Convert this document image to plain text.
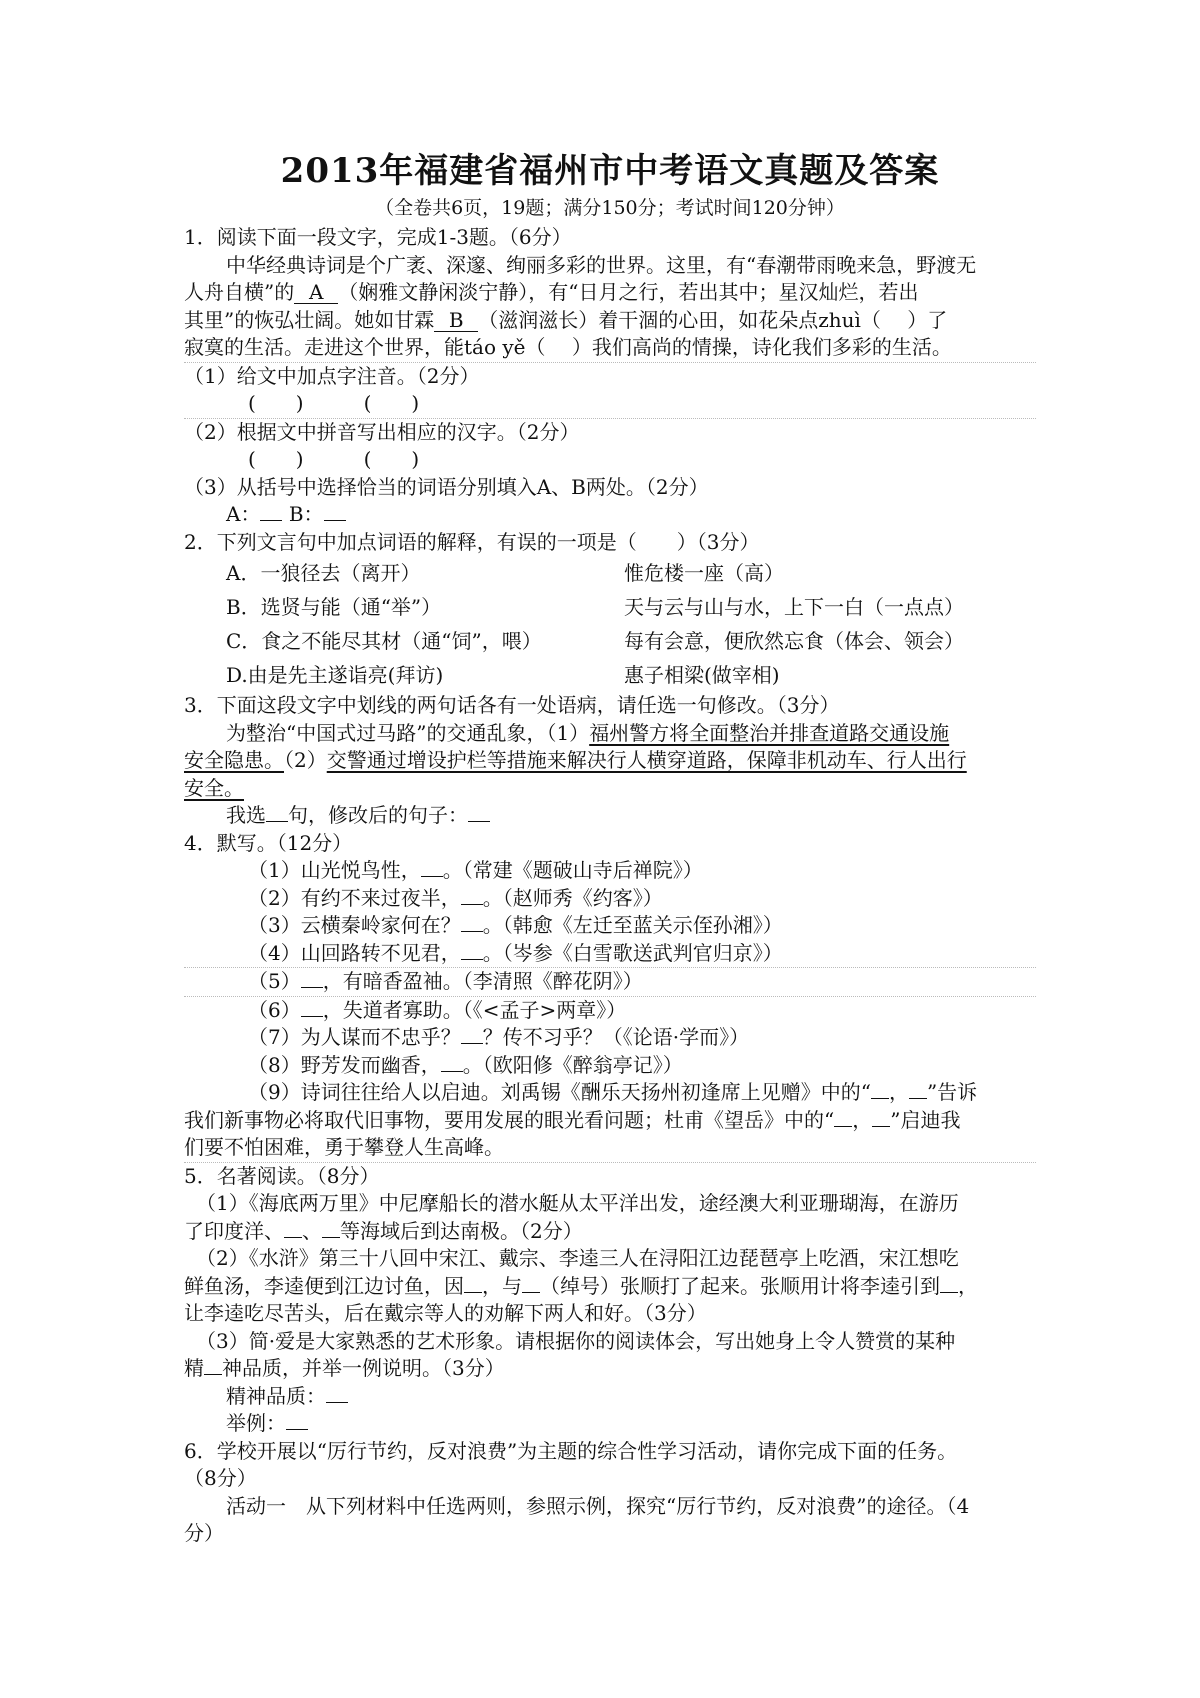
2013年福建省福州市中考语文真题及答案
（全卷共6页，19题；满分150分；考试时间120分钟）
1．阅读下面一段文字，完成1-3题。（6分）
中华经典诗词是个广袤、深邃、绚丽多彩的世界。这里，有“春潮带雨晚来急，野渡无
人舟自横”的 A （娴雅文静闲淡宁静），有“日月之行，若出其中；星汉灿烂，若出
其里”的恢弘壮阔。她如甘霖 B （滋润滋长）着干涸的心田，如花朵点zhuì（　 ）了
寂寞的生活。走进这个世界，能táo yě（　 ）我们高尚的情操，诗化我们多彩的生活。
（1）给文中加点字注音。（2分）
(　　)　　　(　　)
（2）根据文中拼音写出相应的汉字。（2分）
(　　)　　　(　　)
（3）从括号中选择恰当的词语分别填入A、B两处。（2分）
A： B：
2．下列文言句中加点词语的解释，有误的一项是（　　）（3分）
A．一狼径去（离开）	惟危楼一座（高）
B．选贤与能（通“举”）	天与云与山与水，上下一白（一点点）
C．食之不能尽其材（通“饲”，喂）	每有会意，便欣然忘食（体会、领会）
D.由是先主遂诣亮(拜访)	惠子相梁(做宰相)
3．下面这段文字中划线的两句话各有一处语病，请任选一句修改。（3分）
为整治“中国式过马路”的交通乱象，（1）福州警方将全面整治并排查道路交通设施
安全隐患。（2）交警通过增设护栏等措施来解决行人横穿道路，保障非机动车、行人出行
安全。
我选 句，修改后的句子：
4．默写。（12分）
（1）山光悦鸟性， 。（常建《题破山寺后禅院》）
（2）有约不来过夜半， 。（赵师秀《约客》）
（3）云横秦岭家何在？ 。（韩愈《左迁至蓝关示侄孙湘》）
（4）山回路转不见君， 。（岑参《白雪歌送武判官归京》）
（5） ，有暗香盈袖。（李清照《醉花阴》）
（6） ，失道者寡助。（《<孟子>两章》）
（7）为人谋而不忠乎？ ？传不习乎？（《论语·学而》）
（8）野芳发而幽香， 。（欧阳修《醉翁亭记》）
（9）诗词往往给人以启迪。刘禹锡《酬乐天扬州初逢席上见赠》中的“ ， ”告诉
我们新事物必将取代旧事物，要用发展的眼光看问题；杜甫《望岳》中的“ ， ”启迪我
们要不怕困难，勇于攀登人生高峰。
5．名著阅读。（8分）
（1）《海底两万里》中尼摩船长的潜水艇从太平洋出发，途经澳大利亚珊瑚海，在游历
了印度洋、 、 等海域后到达南极。（2分）
（2）《水浒》第三十八回中宋江、戴宗、李逵三人在浔阳江边琵琶亭上吃酒，宋江想吃
鲜鱼汤，李逵便到江边讨鱼，因 ，与 （绰号）张顺打了起来。张顺用计将李逵引到 ，
让李逵吃尽苦头，后在戴宗等人的劝解下两人和好。（3分）
（3）简·爱是大家熟悉的艺术形象。请根据你的阅读体会，写出她身上令人赞赏的某种
精 神品质，并举一例说明。（3分）
精神品质：
举例：
6．学校开展以“厉行节约，反对浪费”为主题的综合性学习活动，请你完成下面的任务。
（8分）
活动一　从下列材料中任选两则，参照示例，探究“厉行节约，反对浪费”的途径。（4
分）
